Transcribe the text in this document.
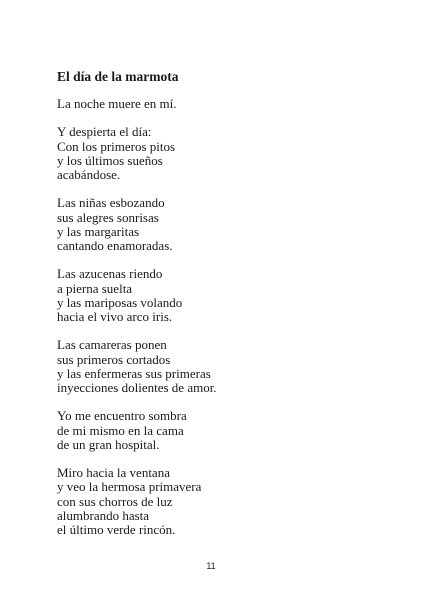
El día de la marmota
La noche muere en mí.
Y despierta el día:
Con los primeros pitos
y los últimos sueños
acabándose.
Las niñas esbozando
sus alegres sonrisas
y las margaritas
cantando enamoradas.
Las azucenas riendo
a pierna suelta
y las mariposas volando
hacia el vivo arco iris.
Las camareras ponen
sus primeros cortados
y las enfermeras sus primeras
inyecciones dolientes de amor.
Yo me encuentro sombra
de mi mismo en la cama
de un gran hospital.
Miro hacia la ventana
y veo la hermosa primavera
con sus chorros de luz
alumbrando hasta
el último verde rincón.
11
